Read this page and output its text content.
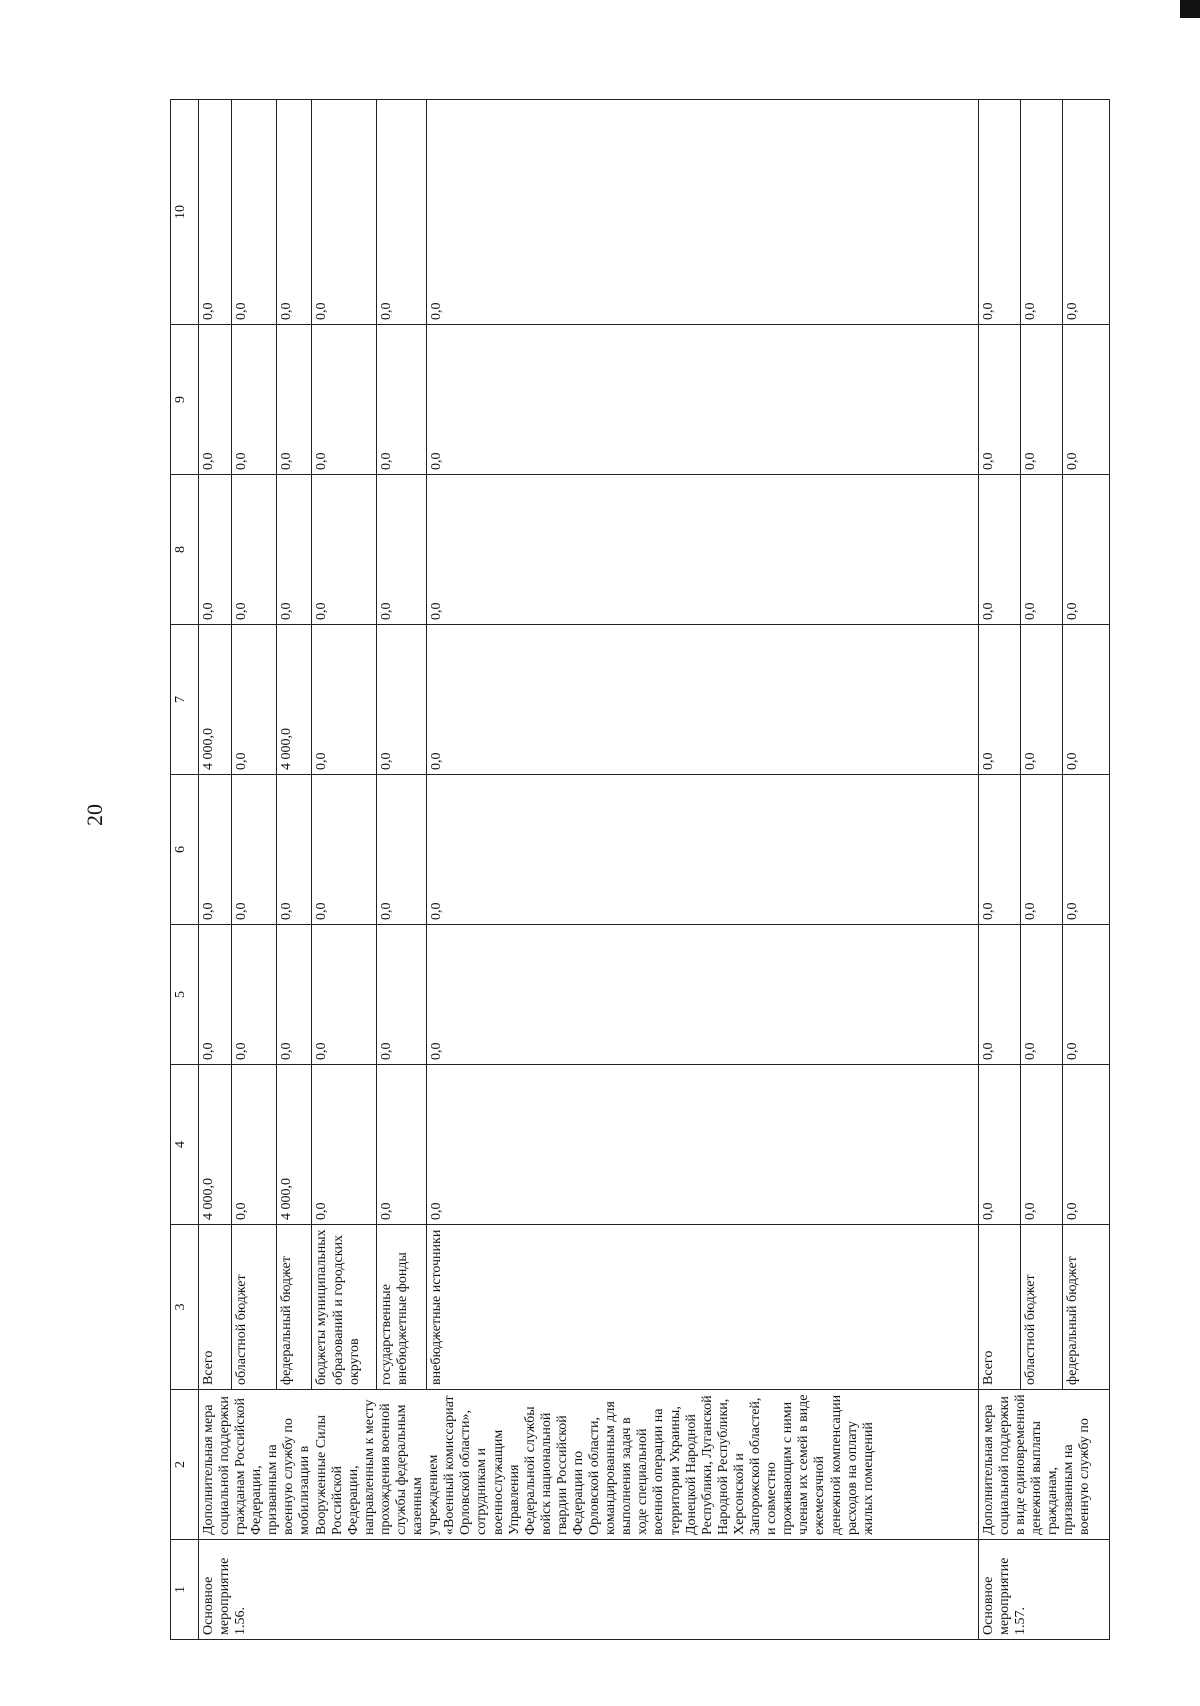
20
1	2	3	4	5	6	7	8	9	10
Основное мероприятие 1.56.	Дополнительная мера социальной поддержки гражданам Российской Федерации, призванным на военную службу по мобилизации в Вооруженные Силы Российской Федерации, направленным к месту прохождения военной службы федеральным казенным учреждением «Военный комиссариат Орловской области», сотрудникам и военнослужащим Управления Федеральной службы войск национальной гвардии Российской Федерации по Орловской области, командированным для выполнения задач в ходе специальной военной операции на территории Украины, Донецкой Народной Республики, Луганской Народной Республики, Херсонской и Запорожской областей, и совместно проживающим с ними членам их семей в виде ежемесячной денежной компенсации расходов на оплату жилых помещений	Всего	4 000,0	0,0	0,0	4 000,0	0,0	0,0	0,0
		областной бюджет	0,0	0,0	0,0	0,0	0,0	0,0	0,0
		федеральный бюджет	4 000,0	0,0	0,0	4 000,0	0,0	0,0	0,0
		бюджеты муниципальных образований и городских округов	0,0	0,0	0,0	0,0	0,0	0,0	0,0
		государственные внебюджетные фонды	0,0	0,0	0,0	0,0	0,0	0,0	0,0
		внебюджетные источники	0,0	0,0	0,0	0,0	0,0	0,0	0,0
Основное мероприятие 1.57.	Дополнительная мера социальной поддержки в виде единовременной денежной выплаты гражданам, призванным на военную службу по	Всего	0,0	0,0	0,0	0,0	0,0	0,0	0,0
		областной бюджет	0,0	0,0	0,0	0,0	0,0	0,0	0,0
		федеральный бюджет	0,0	0,0	0,0	0,0	0,0	0,0	0,0
